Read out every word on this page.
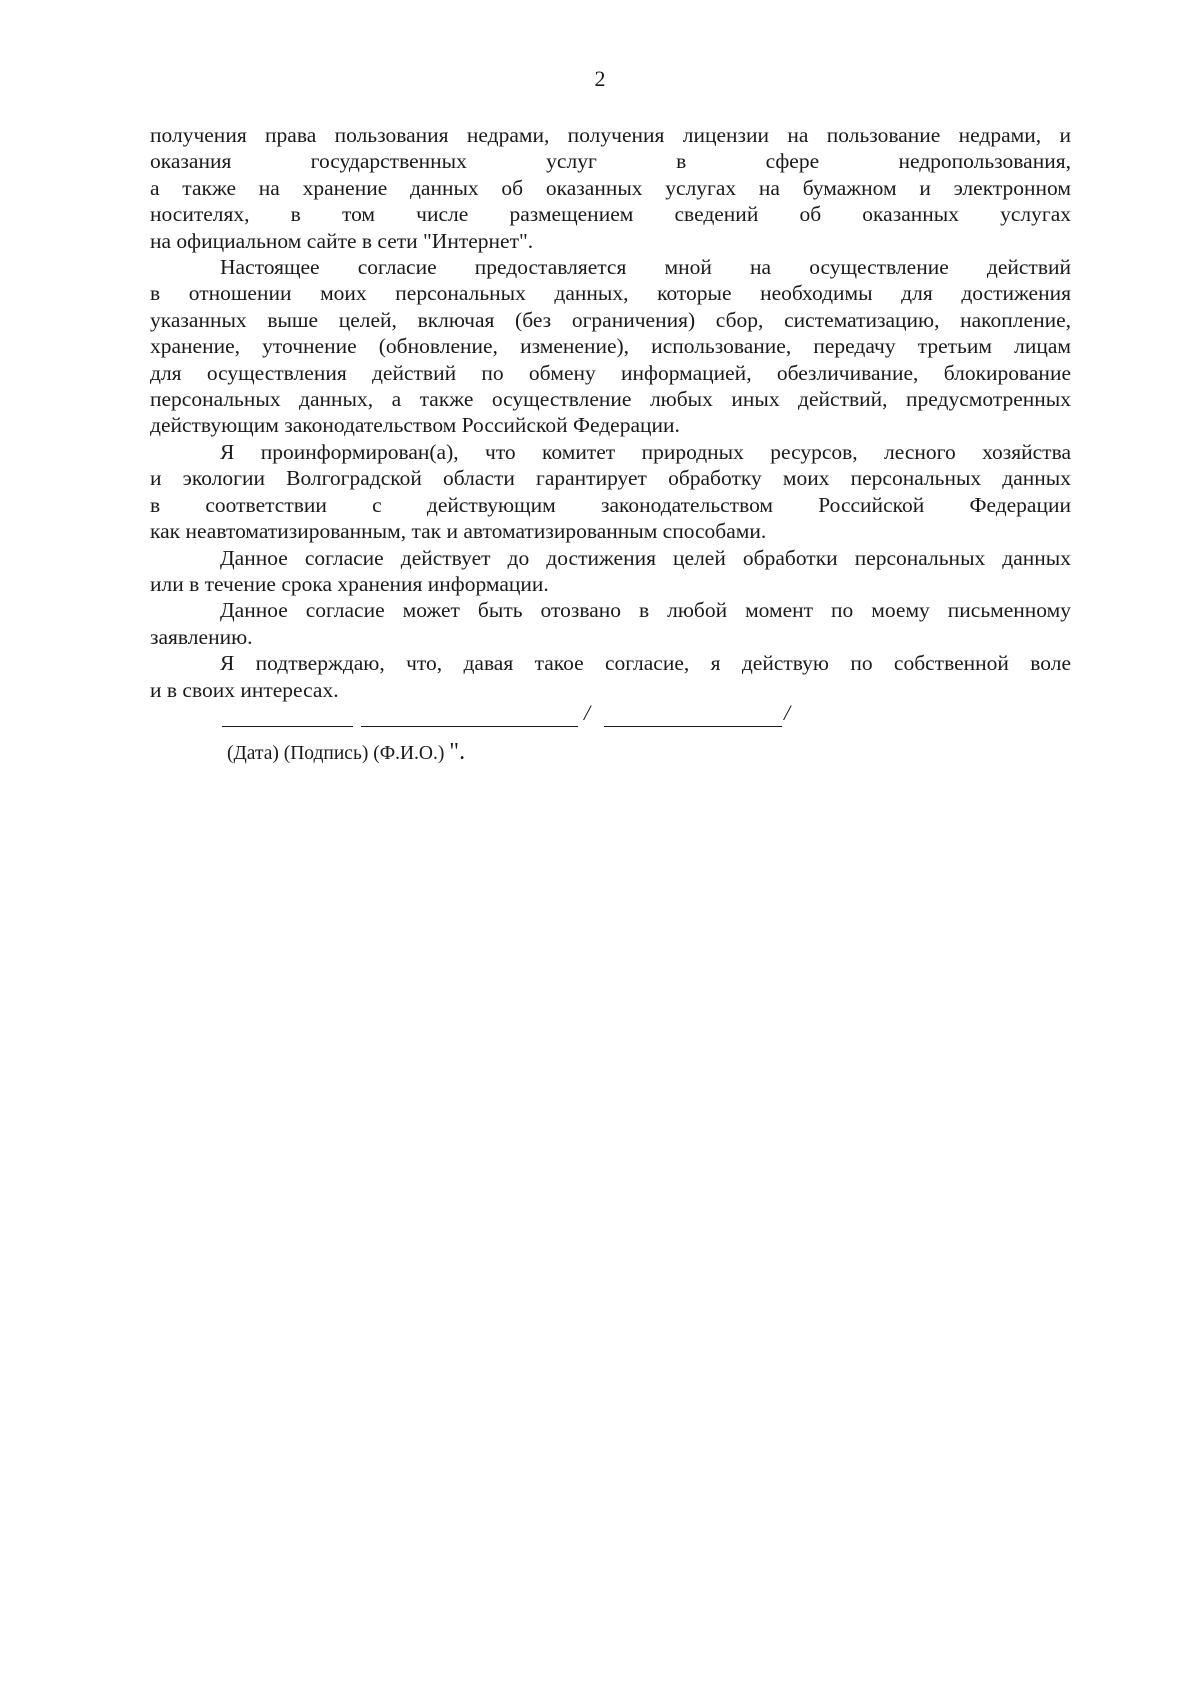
2

получения права пользования недрами, получения лицензии на пользование недрами, и
оказания государственных услуг в сфере недропользования,
а также на хранение данных об оказанных услугах на бумажном и электронном
носителях, в том числе размещением сведений об оказанных услугах
на официальном сайте в сети "Интернет".

Настоящее согласие предоставляется мной на осуществление действий
в отношении моих персональных данных, которые необходимы для достижения
указанных выше целей, включая (без ограничения) сбор, систематизацию, накопление,
хранение, уточнение (обновление, изменение), использование, передачу третьим лицам
для осуществления действий по обмену информацией, обезличивание, блокирование
персональных данных, а также осуществление любых иных действий, предусмотренных
действующим законодательством Российской Федерации.

Я проинформирован(а), что комитет природных ресурсов, лесного хозяйства
и экологии Волгоградской области гарантирует обработку моих персональных данных
в соответствии с действующим законодательством Российской Федерации
как неавтоматизированным, так и автоматизированным способами.

Данное согласие действует до достижения целей обработки персональных данных
или в течение срока хранения информации.

Данное согласие может быть отозвано в любой момент по моему письменному
заявлению.

Я подтверждаю, что, давая такое согласие, я действую по собственной воле
и в своих интересах.

/	/
(Дата) (Подпись) (Ф.И.О.) ".
